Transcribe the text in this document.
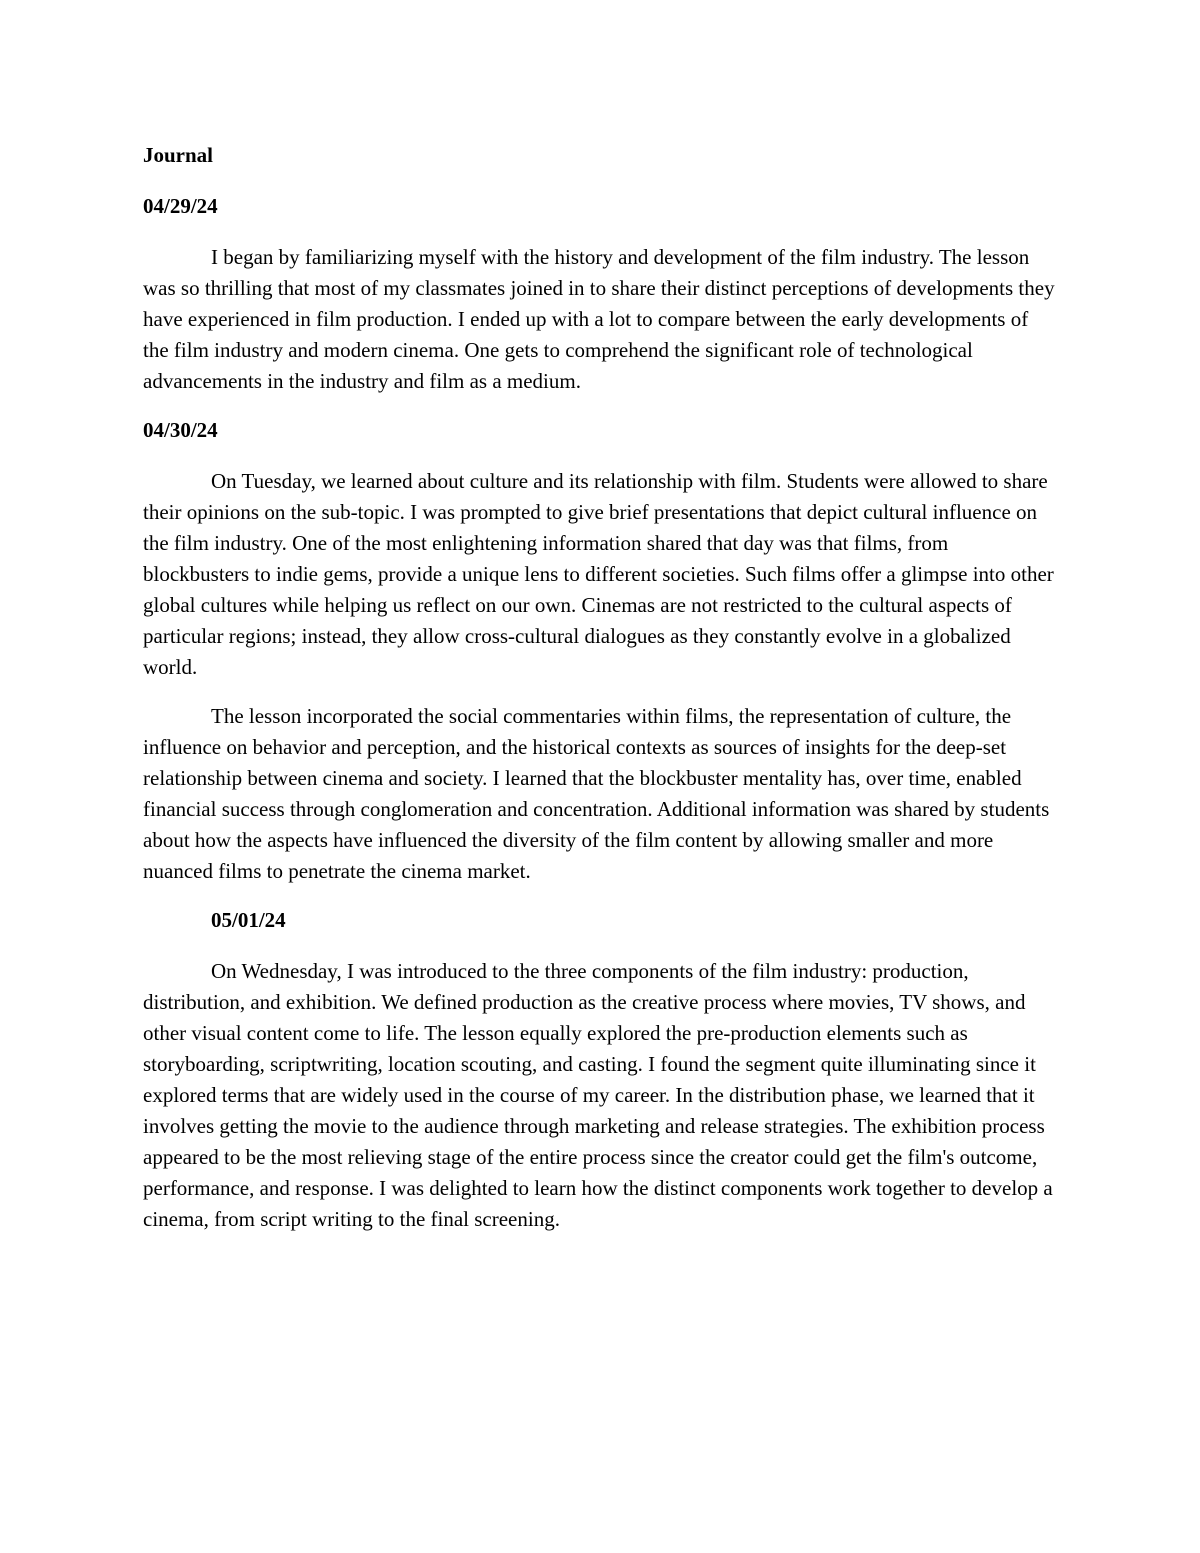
Journal
04/29/24

I began by familiarizing myself with the history and development of the film industry. The lesson was so thrilling that most of my classmates joined in to share their distinct perceptions of developments they have experienced in film production. I ended up with a lot to compare between the early developments of the film industry and modern cinema. One gets to comprehend the significant role of technological advancements in the industry and film as a medium.

04/30/24

On Tuesday, we learned about culture and its relationship with film. Students were allowed to share their opinions on the sub-topic. I was prompted to give brief presentations that depict cultural influence on the film industry. One of the most enlightening information shared that day was that films, from blockbusters to indie gems, provide a unique lens to different societies. Such films offer a glimpse into other global cultures while helping us reflect on our own. Cinemas are not restricted to the cultural aspects of particular regions; instead, they allow cross-cultural dialogues as they constantly evolve in a globalized world.

The lesson incorporated the social commentaries within films, the representation of culture, the influence on behavior and perception, and the historical contexts as sources of insights for the deep-set relationship between cinema and society. I learned that the blockbuster mentality has, over time, enabled financial success through conglomeration and concentration. Additional information was shared by students about how the aspects have influenced the diversity of the film content by allowing smaller and more nuanced films to penetrate the cinema market.

05/01/24

On Wednesday, I was introduced to the three components of the film industry: production, distribution, and exhibition. We defined production as the creative process where movies, TV shows, and other visual content come to life. The lesson equally explored the pre-production elements such as storyboarding, scriptwriting, location scouting, and casting. I found the segment quite illuminating since it explored terms that are widely used in the course of my career. In the distribution phase, we learned that it involves getting the movie to the audience through marketing and release strategies. The exhibition process appeared to be the most relieving stage of the entire process since the creator could get the film's outcome, performance, and response. I was delighted to learn how the distinct components work together to develop a cinema, from script writing to the final screening.
